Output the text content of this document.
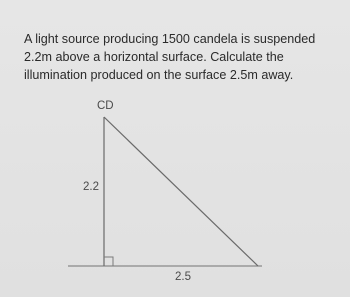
A light source producing 1500 candela is suspended 2.2m above a horizontal surface. Calculate the illumination produced on the surface 2.5m away.

CD
2.2
2.5
